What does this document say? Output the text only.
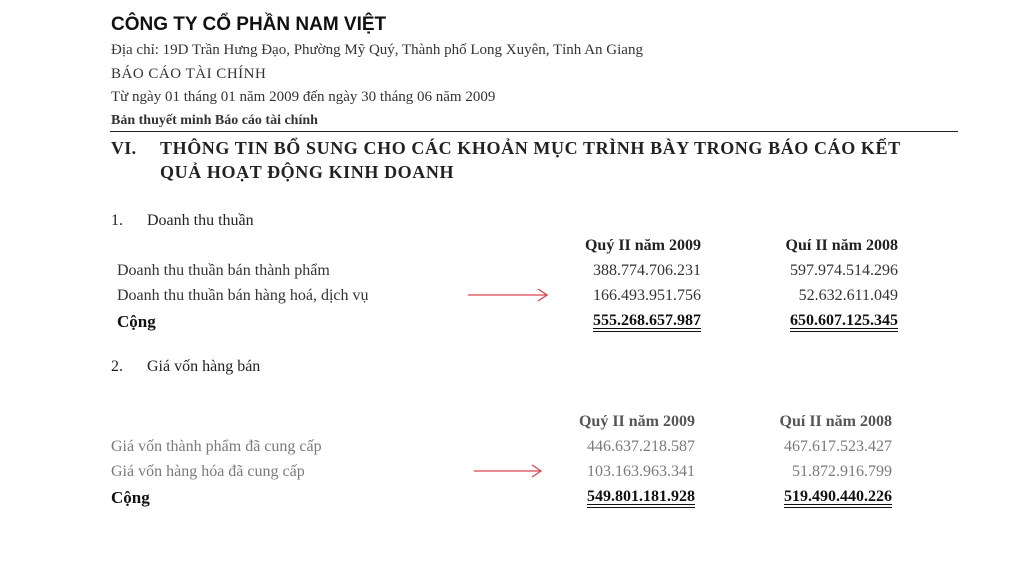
CÔNG TY CỔ PHẦN NAM VIỆT
Địa chỉ: 19D Trần Hưng Đạo, Phường Mỹ Quý, Thành phố Long Xuyên, Tỉnh An Giang
BÁO CÁO TÀI CHÍNH
Từ ngày 01 tháng 01 năm 2009 đến ngày 30 tháng 06 năm 2009
Bản thuyết minh Báo cáo tài chính
VI. THÔNG TIN BỔ SUNG CHO CÁC KHOẢN MỤC TRÌNH BÀY TRONG BÁO CÁO KẾT
QUẢ HOẠT ĐỘNG KINH DOANH
1. Doanh thu thuần
Quý II năm 2009	Quí II năm 2008
Doanh thu thuần bán thành phẩm	388.774.706.231	597.974.514.296
Doanh thu thuần bán hàng hoá, dịch vụ	166.493.951.756	52.632.611.049
Cộng	555.268.657.987	650.607.125.345
2. Giá vốn hàng bán
Quý II năm 2009	Quí II năm 2008
Giá vốn thành phẩm đã cung cấp	446.637.218.587	467.617.523.427
Giá vốn hàng hóa đã cung cấp	103.163.963.341	51.872.916.799
Cộng	549.801.181.928	519.490.440.226
